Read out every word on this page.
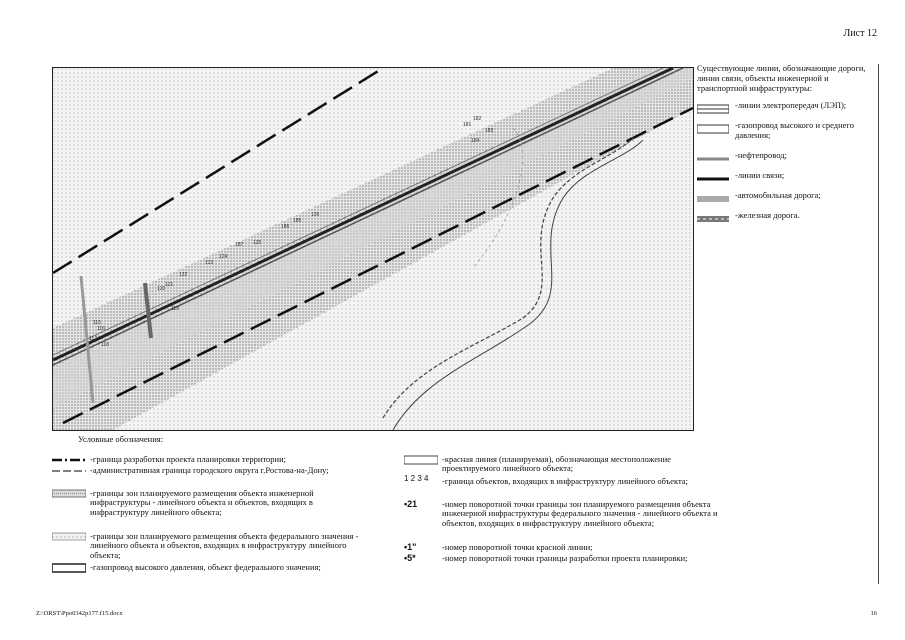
Лист 12
181
182
184
183
185
186
187
115
116
117
118
119
120
121
122
123
124
125
126
Существующие линии, обозначающие дороги, линии связи, объекты инженерной и транспортной инфраструктуры:
-линии электропередач (ЛЭП);
-газопровод высокого и среднего давления;
-нефтепровод;
-линии связи;
-автомобильная дорога;
-железная дорога.
Условные обозначения:
-граница разработки проекта планировки территории;
-административная граница городского округа г.Ростова-на-Дону;
-границы зон планируемого размещения объекта инженерной инфраструктуры - линейного объекта и объектов, входящих в инфраструктуру линейного объекта;
-границы зон планируемого размещения объекта федерального значения - линейного объекта и объектов, входящих в инфраструктуру линейного объекта;
-газопровод высокого давления, объект федерального значения;
-красная линия (планируемая), обозначающая местоположение проектируемого линейного объекта;
1 2 3 4	-граница объектов, входящих в инфраструктуру линейного объекта;
•21	-номер поворотной точки границы зон планируемого размещения объекта инженерной инфраструктуры федерального значения - линейного объекта и объектов, входящих в инфраструктуру линейного объекта;
•1"	-номер поворотной точки красной линии;
•5*	-номер поворотной точки границы разработки проекта планировки;
Z:\ORST\Ppo0342p177.f15.docx	16
